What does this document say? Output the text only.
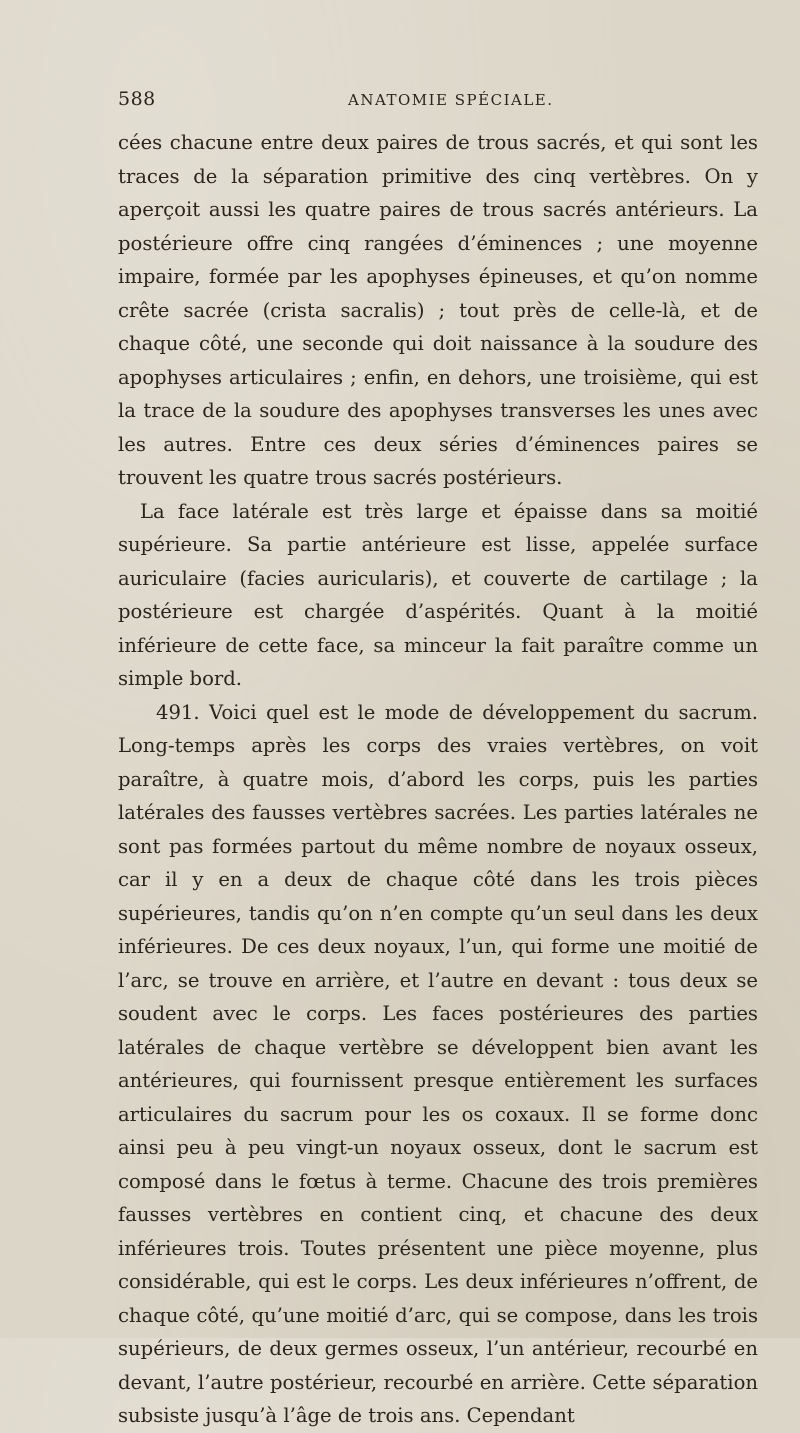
588	ANATOMIE SPÉCIALE.

cées chacune entre deux paires de trous sacrés, et qui sont les traces de la séparation primitive des cinq vertèbres. On y aperçoit aussi les quatre paires de trous sacrés antérieurs. La postérieure offre cinq rangées d’éminences ; une moyenne impaire, formée par les apophyses épineuses, et qu’on nomme crête sacrée (crista sacralis) ; tout près de celle-là, et de chaque côté, une seconde qui doit naissance à la soudure des apophyses articulaires ; enfin, en dehors, une troisième, qui est la trace de la soudure des apophyses transverses les unes avec les autres. Entre ces deux séries d’éminences paires se trouvent les quatre trous sacrés postérieurs.

La face latérale est très large et épaisse dans sa moitié supérieure. Sa partie antérieure est lisse, appelée surface auriculaire (facies auricularis), et couverte de cartilage ; la postérieure est chargée d’aspérités. Quant à la moitié inférieure de cette face, sa minceur la fait paraître comme un simple bord.

491. Voici quel est le mode de développement du sacrum. Long-temps après les corps des vraies vertèbres, on voit paraître, à quatre mois, d’abord les corps, puis les parties latérales des fausses vertèbres sacrées. Les parties latérales ne sont pas formées partout du même nombre de noyaux osseux, car il y en a deux de chaque côté dans les trois pièces supérieures, tandis qu’on n’en compte qu’un seul dans les deux inférieures. De ces deux noyaux, l’un, qui forme une moitié de l’arc, se trouve en arrière, et l’autre en devant : tous deux se soudent avec le corps. Les faces postérieures des parties latérales de chaque vertèbre se développent bien avant les antérieures, qui fournissent presque entièrement les surfaces articulaires du sacrum pour les os coxaux. Il se forme donc ainsi peu à peu vingt-un noyaux osseux, dont le sacrum est composé dans le fœtus à terme. Chacune des trois premières fausses vertèbres en contient cinq, et chacune des deux inférieures trois. Toutes présentent une pièce moyenne, plus considérable, qui est le corps. Les deux inférieures n’offrent, de chaque côté, qu’une moitié d’arc, qui se compose, dans les trois supérieurs, de deux germes osseux, l’un antérieur, recourbé en devant, l’autre postérieur, recourbé en arrière. Cette séparation subsiste jusqu’à l’âge de trois ans. Cependant
